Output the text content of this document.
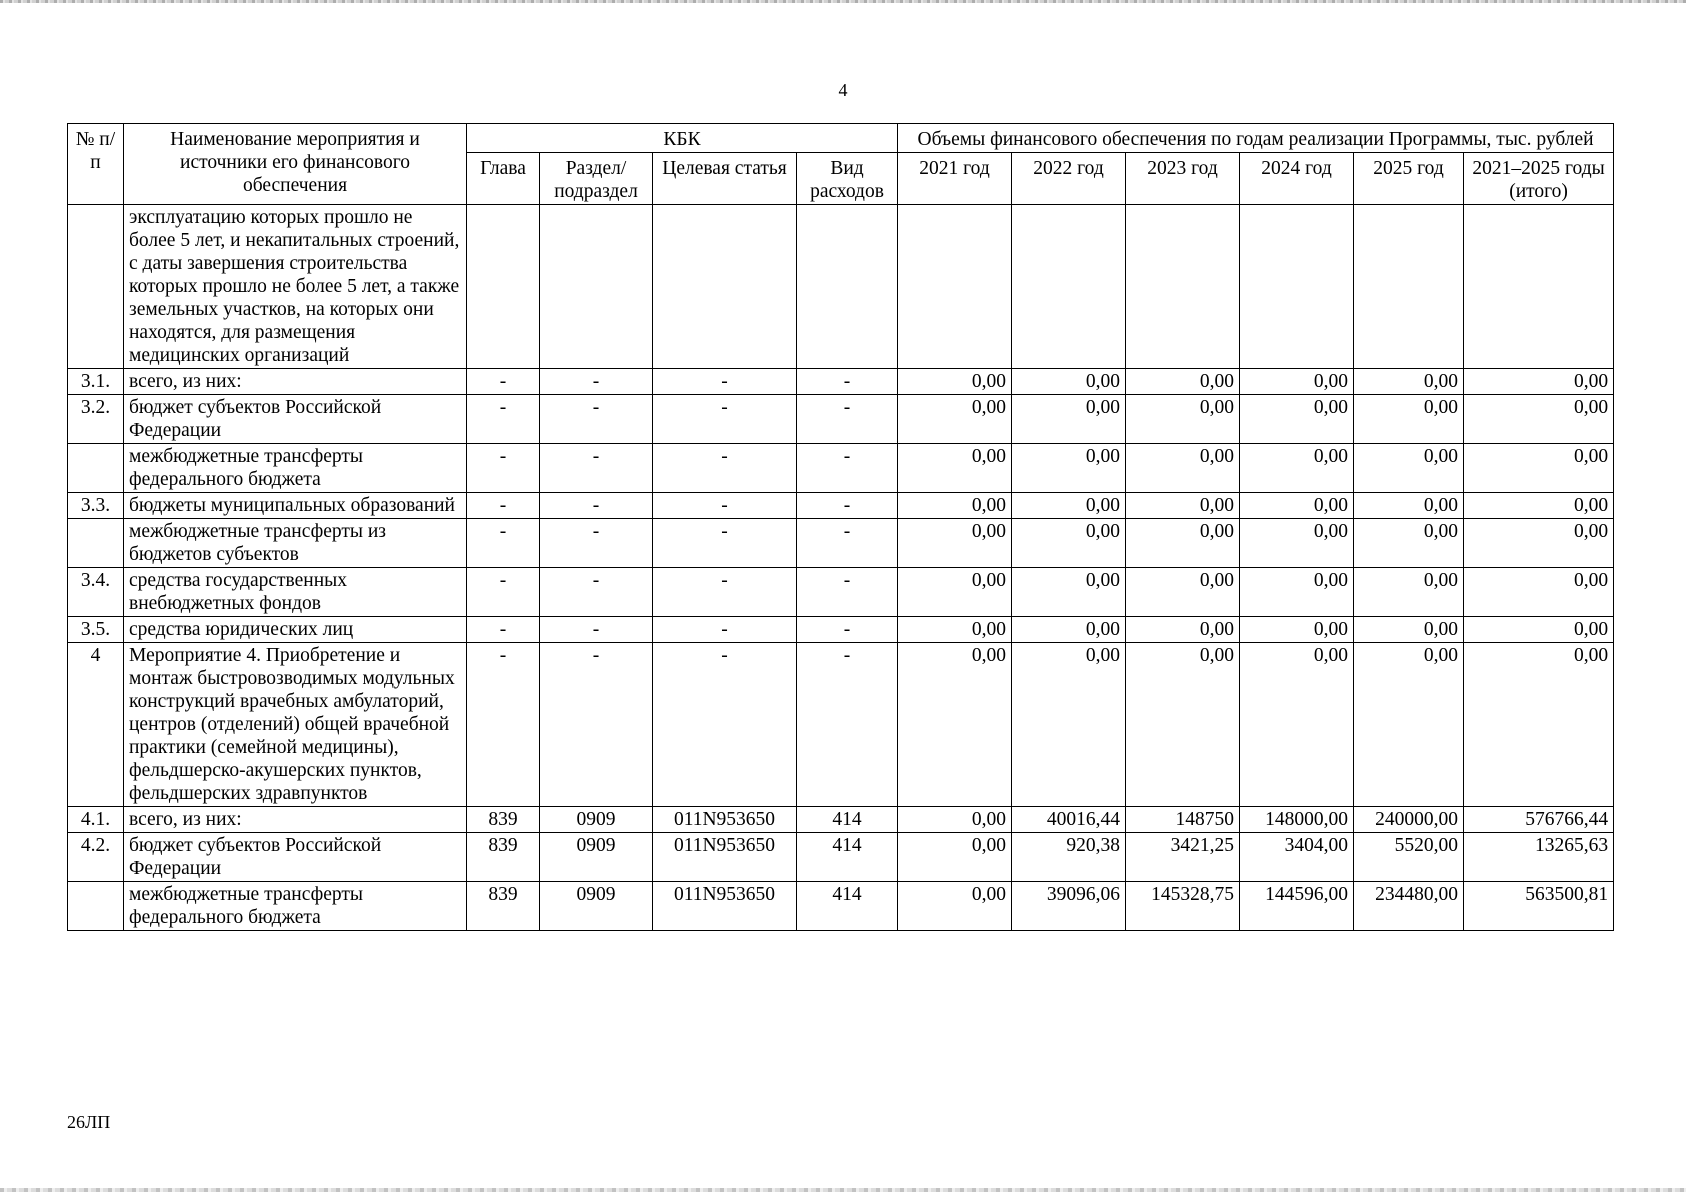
4
№ п/п	Наименование мероприятия и источники его финансового обеспечения	КБК				Объемы финансового обеспечения по годам реализации Программы, тыс. рублей					
		Глава	Раздел/ подраздел	Целевая статья	Вид расходов	2021 год	2022 год	2023 год	2024 год	2025 год	2021–2025 годы (итого)
	эксплуатацию которых прошло не более 5 лет, и некапитальных строений, с даты завершения строительства которых прошло не более 5 лет, а также земельных участков, на которых они находятся, для размещения медицинских организаций										
3.1.	всего, из них:	-	-	-	-	0,00	0,00	0,00	0,00	0,00	0,00
3.2.	бюджет субъектов Российской Федерации	-	-	-	-	0,00	0,00	0,00	0,00	0,00	0,00
	межбюджетные трансферты федерального бюджета	-	-	-	-	0,00	0,00	0,00	0,00	0,00	0,00
3.3.	бюджеты муниципальных образований	-	-	-	-	0,00	0,00	0,00	0,00	0,00	0,00
	межбюджетные трансферты из бюджетов субъектов	-	-	-	-	0,00	0,00	0,00	0,00	0,00	0,00
3.4.	средства государственных внебюджетных фондов	-	-	-	-	0,00	0,00	0,00	0,00	0,00	0,00
3.5.	средства юридических лиц	-	-	-	-	0,00	0,00	0,00	0,00	0,00	0,00
4	Мероприятие 4. Приобретение и монтаж быстровозводимых модульных конструкций врачебных амбулаторий, центров (отделений) общей врачебной практики (семейной медицины), фельдшерско-акушерских пунктов, фельдшерских здравпунктов	-	-	-	-	0,00	0,00	0,00	0,00	0,00	0,00
4.1.	всего, из них:	839	0909	011N953650	414	0,00	40016,44	148750	148000,00	240000,00	576766,44
4.2.	бюджет субъектов Российской Федерации	839	0909	011N953650	414	0,00	920,38	3421,25	3404,00	5520,00	13265,63
	межбюджетные трансферты федерального бюджета	839	0909	011N953650	414	0,00	39096,06	145328,75	144596,00	234480,00	563500,81
26ЛП
